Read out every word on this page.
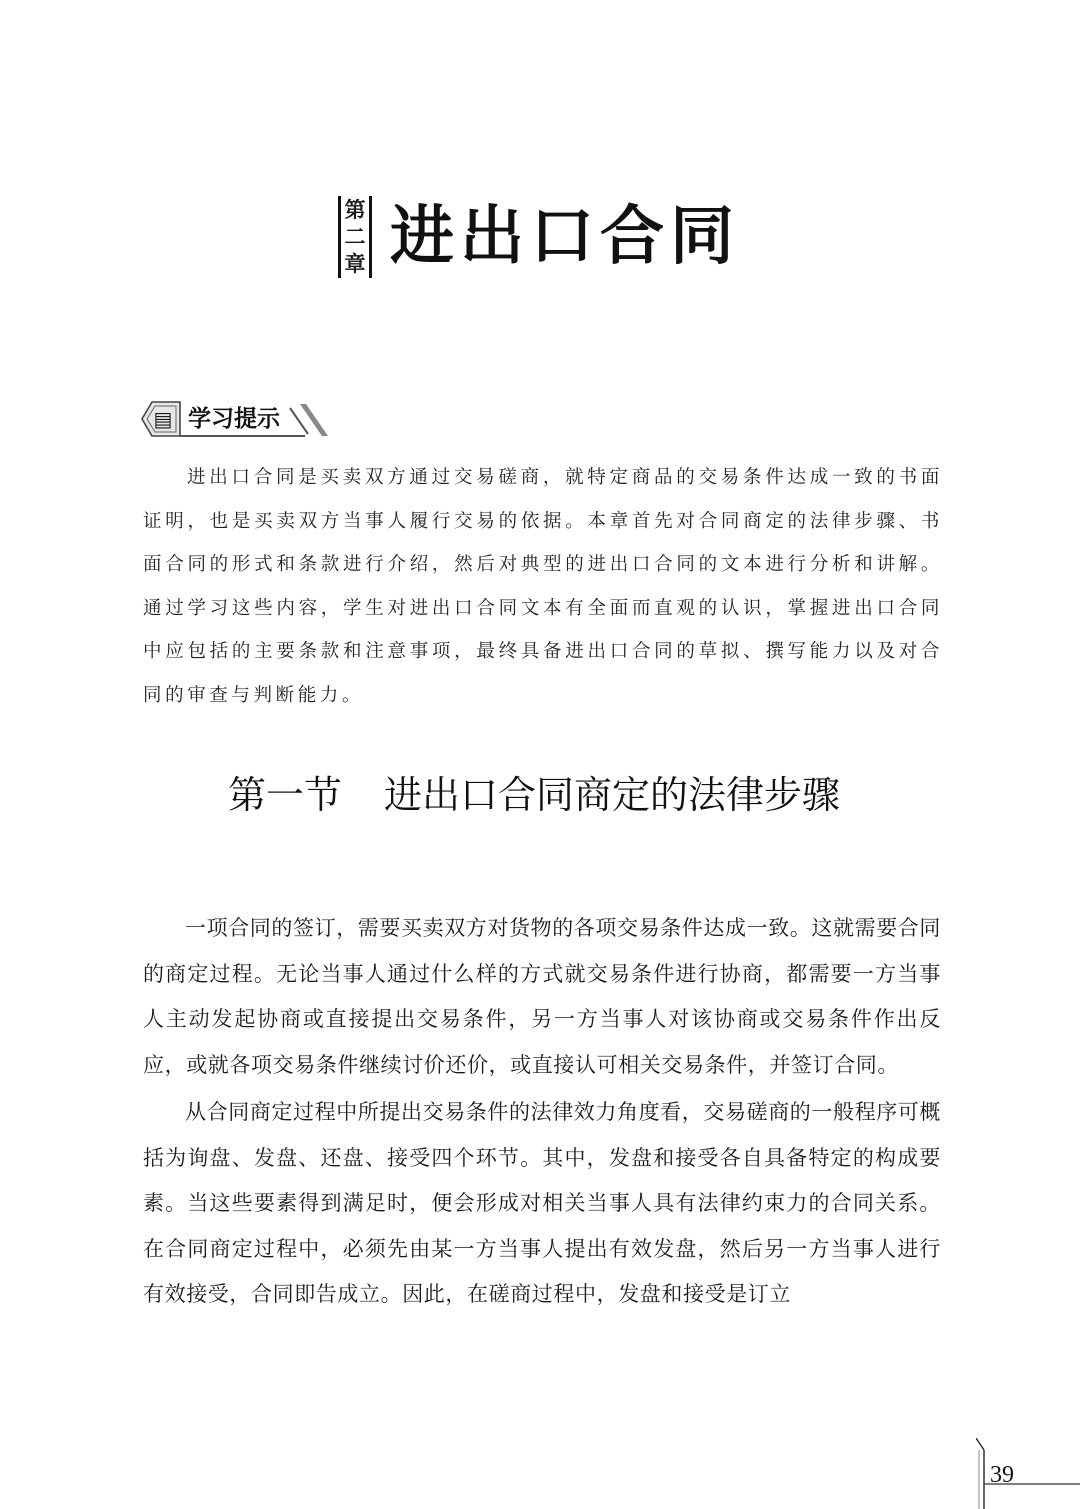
第
二
章 进出口合同
▤ 学习提示

进出口合同是买卖双方通过交易磋商，就特定商品的交易条件达成一致的书面证明，也是买卖双方当事人履行交易的依据。本章首先对合同商定的法律步骤、书面合同的形式和条款进行介绍，然后对典型的进出口合同的文本进行分析和讲解。通过学习这些内容，学生对进出口合同文本有全面而直观的认识，掌握进出口合同中应包括的主要条款和注意事项，最终具备进出口合同的草拟、撰写能力以及对合同的审查与判断能力。

第一节 进出口合同商定的法律步骤

一项合同的签订，需要买卖双方对货物的各项交易条件达成一致。这就需要合同的商定过程。无论当事人通过什么样的方式就交易条件进行协商，都需要一方当事人主动发起协商或直接提出交易条件，另一方当事人对该协商或交易条件作出反应，或就各项交易条件继续讨价还价，或直接认可相关交易条件，并签订合同。

从合同商定过程中所提出交易条件的法律效力角度看，交易磋商的一般程序可概括为询盘、发盘、还盘、接受四个环节。其中，发盘和接受各自具备特定的构成要素。当这些要素得到满足时，便会形成对相关当事人具有法律约束力的合同关系。在合同商定过程中，必须先由某一方当事人提出有效发盘，然后另一方当事人进行有效接受，合同即告成立。因此，在磋商过程中，发盘和接受是订立

39
